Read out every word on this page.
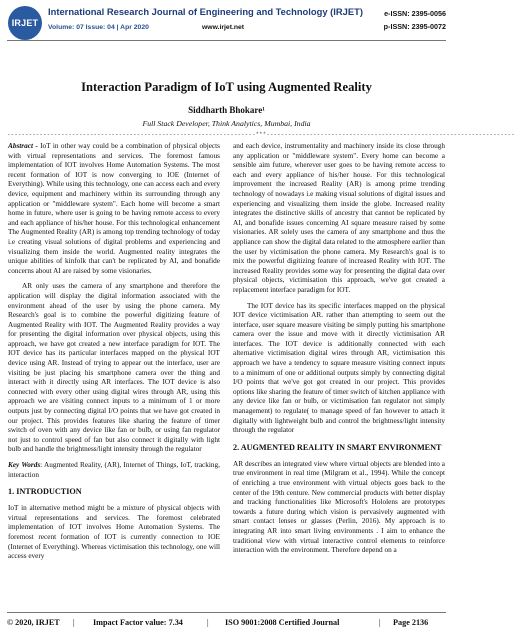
IRJET
International Research Journal of Engineering and Technology (IRJET)
Volume: 07 Issue: 04 | Apr 2020	www.irjet.net
e-ISSN: 2395-0056
p-ISSN: 2395-0072
Interaction Paradigm of IoT using Augmented Reality
Siddharth Bhokare¹
Full Stack Developer, Think Analytics, Mumbai, India
---------------------------------------------------------------------***---------------------------------------------------------------------

Abstract - IoT in other way could be a combination of physical objects with virtual representations and services. The foremost famous implementation of IOT involves Home Automation Systems. The most recent formation of IOT is now converging to IOE (Internet of Everything). While using this technology, one can access each and every device, equipment and machinery within its surrounding through any application or "middleware system". Each home will become a smart home in future, where user is going to be having remote access to every and each appliance of his/her house. For this technological enhancement The Augmented Reality (AR) is among top trending technology of today i.e creating visual solutions of digital problems and experiencing and visualizing them inside the world. Augmented reality integrates the unique abilities of kinfolk that can't be replicated by AI, and bonafide concerns about AI are raised by some visionaries.

AR only uses the camera of any smartphone and therefore the application will display the digital information associated with the environment ahead of the user by using the phone camera. My Research's goal is to combine the powerful digitizing feature of Augmented Reality with IOT. The Augmented Reality provides a way for presenting the digital information over physical objects, using this approach, we have got created a new interface paradigm for IOT. The IOT device has its particular interfaces mapped on the physical IOT device using AR. Instead of trying to appear out the interface, user are visiting be just placing his smartphone camera over the thing and interact with it directly using AR interfaces. The IOT device is also connected with every other using digital wires through AR, using this approach we are visiting connect inputs to a minimum of 1 or more outputs just by connecting digital I/O points that we have got created in our project. This provides features like sharing the feature of timer switch of oven with any device like fan or bulb, or using fan regulator not just to control speed of fan but also connect it digitally with light bulb and handle the brightness/light intensity through the regulator

Key Words: Augmented Reality, (AR), Internet of Things, IoT, tracking, interaction

1. INTRODUCTION

IoT in alternative method might be a mixture of physical objects with virtual representations and services. The foremost celebrated implementation of IOT involves Home Automation Systems. The foremost recent formation of IOT is currently connection to IOE (Internet of Everything). Whereas victimisation this technology, one will access every

and each device, instrumentality and machinery inside its close through any application or "middleware system". Every home can become a sensible aim future, wherever user goes to be having remote access to each and every appliance of his/her house. For this technological improvement the increased Reality (AR) is among prime trending technology of nowadays i.e making visual solutions of digital issues and experiencing and visualizing them inside the globe. Increased reality integrates the distinctive skills of ancestry that cannot be replicated by AI, and bonafide issues concerning AI square measure raised by some visionaries. AR solely uses the camera of any smartphone and thus the appliance can show the digital data related to the atmosphere earlier than the user by victimisation the phone camera. My Research's goal is to mix the powerful digitizing feature of increased Reality with IOT. The increased Reality provides some way for presenting the digital data over physical objects, victimisation this approach, we've got created a replacement interface paradigm for IOT.

The IOT device has its specific interfaces mapped on the physical IOT device victimisation AR. rather than attempting to seem out the interface, user square measure visiting be simply putting his smartphone camera over the issue and move with it directly victimisation AR interfaces. The IOT device is additionally connected with each alternative victimisation digital wires through AR, victimisation this approach we have a tendency to square measure visiting connect inputs to a minimum of one or additional outputs simply by connecting digital I/O points that we've got got created in our project. This provides options like sharing the feature of timer switch of kitchen appliance with any device like fan or bulb, or victimisation fan regulator not simply management) to regulate( to manage speed of fan however to attach it digitally with lightweight bulb and control the brightness/light intensity through the regulator

2. AUGMENTED REALITY IN SMART ENVIRONMENT

AR describes an integrated view where virtual objects are blended into a true environment in real time (Milgram et al., 1994). While the concept of enriching a true environment with virtual objects goes back to the center of the 19th centure. New commercial products with better display and tracking functionalities like Microsoft's Hololens are prototypes towards a future during which vision is pervasively augmented with smart contact lenses or glasses (Perlin, 2016). My approach is to integrating AR into smart living environments . I aim to enhance the traditional view with virtual interactive control elements to reinforce interaction with the environment. Therefore depend on a

© 2020, IRJET | Impact Factor value: 7.34	| ISO 9001:2008 Certified Journal	| Page 2136
